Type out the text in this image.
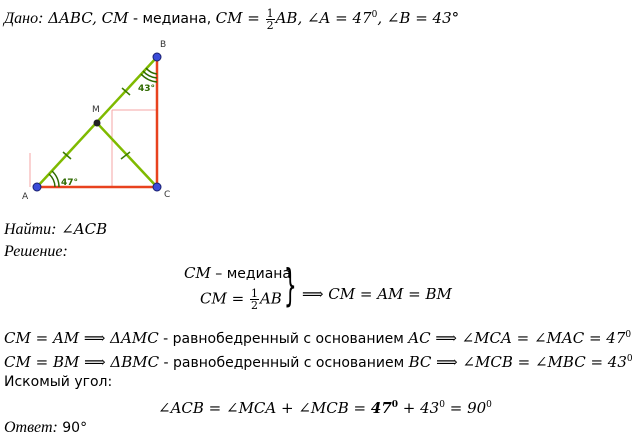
Дано: ΔABC, CM - медиана, CM = $\frac{1}{2}$ AB, ∠A = $47^0$, ∠B = 43°
A
B
C
M
47°
43°
Найти: ∠ACB
Решение:
CM – медиана
CM = $\frac{1}{2}$ AB } ⟹ CM = AM = BM
CM = AM ⟹ ΔAMC - равнобедренный с основанием AC ⟹ ∠MCA = ∠MAC = $47^0$
CM = BM ⟹ ΔBMC - равнобедренный с основанием BC ⟹ ∠MCB = ∠MBC = $43^0$
Искомый угол:
∠ACB = ∠MCA + ∠MCB = $47^0 + 43^0 = 90^0$
Ответ: 90°
